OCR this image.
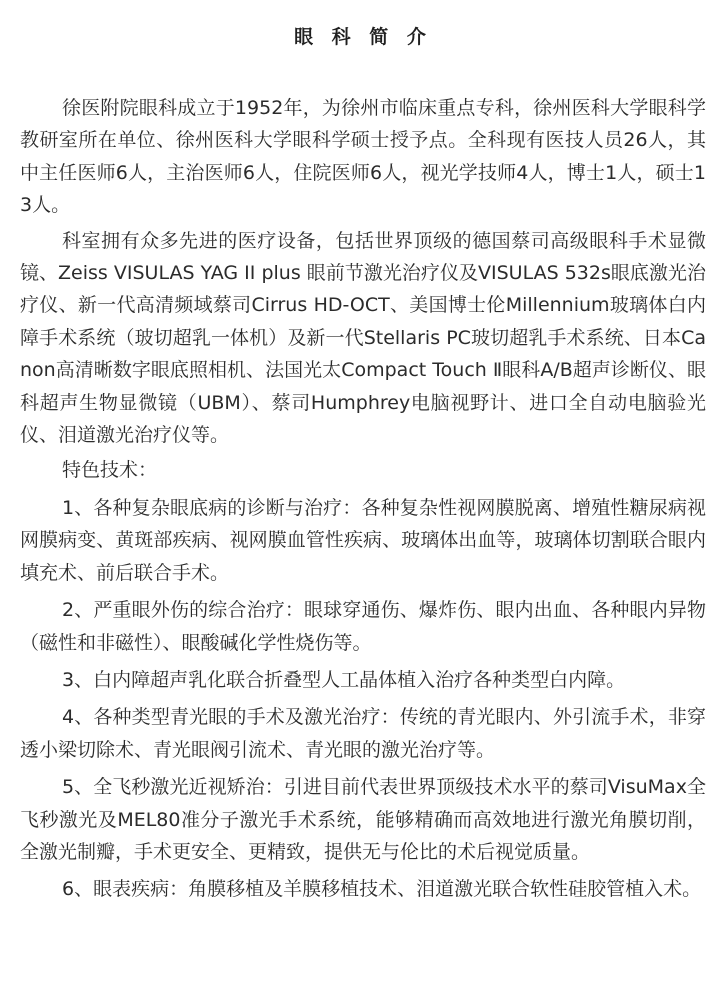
眼 科 简 介

徐医附院眼科成立于1952年，为徐州市临床重点专科，徐州医科大学眼科学教研室所在单位、徐州医科大学眼科学硕士授予点。全科现有医技人员26人，其中主任医师6人，主治医师6人，住院医师6人，视光学技师4人，博士1人，硕士13人。

科室拥有众多先进的医疗设备，包括世界顶级的德国蔡司高级眼科手术显微镜、Zeiss VISULAS YAG II plus 眼前节激光治疗仪及VISULAS 532s眼底激光治疗仪、新一代高清频域蔡司Cirrus HD-OCT、美国博士伦Millennium玻璃体白内障手术系统（玻切超乳一体机）及新一代Stellaris PC玻切超乳手术系统、日本Canon高清晰数字眼底照相机、法国光太Compact Touch Ⅱ眼科A/B超声诊断仪、眼科超声生物显微镜（UBM）、蔡司Humphrey电脑视野计、进口全自动电脑验光仪、泪道激光治疗仪等。

特色技术：

1、各种复杂眼底病的诊断与治疗：各种复杂性视网膜脱离、增殖性糖尿病视网膜病变、黄斑部疾病、视网膜血管性疾病、玻璃体出血等，玻璃体切割联合眼内填充术、前后联合手术。

2、严重眼外伤的综合治疗：眼球穿通伤、爆炸伤、眼内出血、各种眼内异物（磁性和非磁性）、眼酸碱化学性烧伤等。

3、白内障超声乳化联合折叠型人工晶体植入治疗各种类型白内障。

4、各种类型青光眼的手术及激光治疗：传统的青光眼内、外引流手术，非穿透小梁切除术、青光眼阀引流术、青光眼的激光治疗等。

5、全飞秒激光近视矫治：引进目前代表世界顶级技术水平的蔡司VisuMax全飞秒激光及MEL80准分子激光手术系统，能够精确而高效地进行激光角膜切削，全激光制瓣，手术更安全、更精致，提供无与伦比的术后视觉质量。

6、眼表疾病：角膜移植及羊膜移植技术、泪道激光联合软性硅胶管植入术。
